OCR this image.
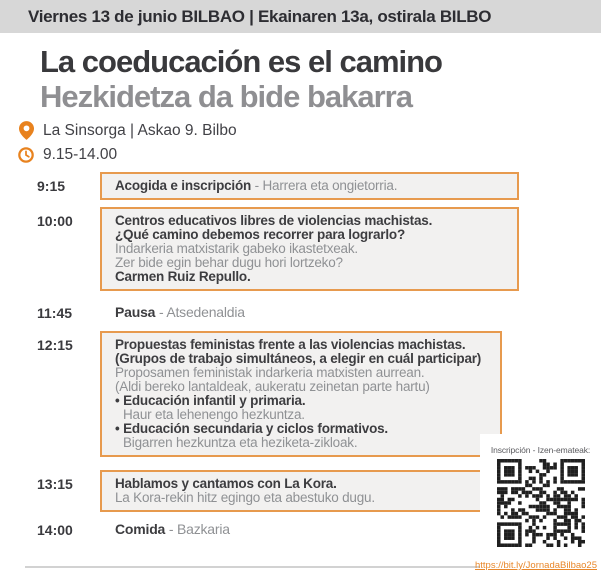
Viernes 13 de junio BILBAO | Ekainaren 13a, ostirala BILBO
La coeducación es el camino
Hezkidetza da bide bakarra
La Sinsorga | Askao 9. Bilbo
9.15-14.00
9:15	Acogida e inscripción - Harrera eta ongietorria.
10:00	Centros educativos libres de violencias machistas.
¿Qué camino debemos recorrer para lograrlo?
Indarkeria matxistarik gabeko ikastetxeak.
Zer bide egin behar dugu hori lortzeko?
Carmen Ruiz Repullo.
11:45	Pausa - Atsedenaldia
12:15	Propuestas feministas frente a las violencias machistas.
(Grupos de trabajo simultáneos, a elegir en cuál participar)
Proposamen feministak indarkeria matxisten aurrean.
(Aldi bereko lantaldeak, aukeratu zeinetan parte hartu)
• Educación infantil y primaria.
Haur eta lehenengo hezkuntza.
• Educación secundaria y ciclos formativos.
Bigarren hezkuntza eta heziketa-zikloak.
13:15	Hablamos y cantamos con La Kora.
La Kora-rekin hitz egingo eta abestuko dugu.
14:00	Comida - Bazkaria
Inscripción - Izen-emateak:
https://bit.ly/JornadaBilbao25
